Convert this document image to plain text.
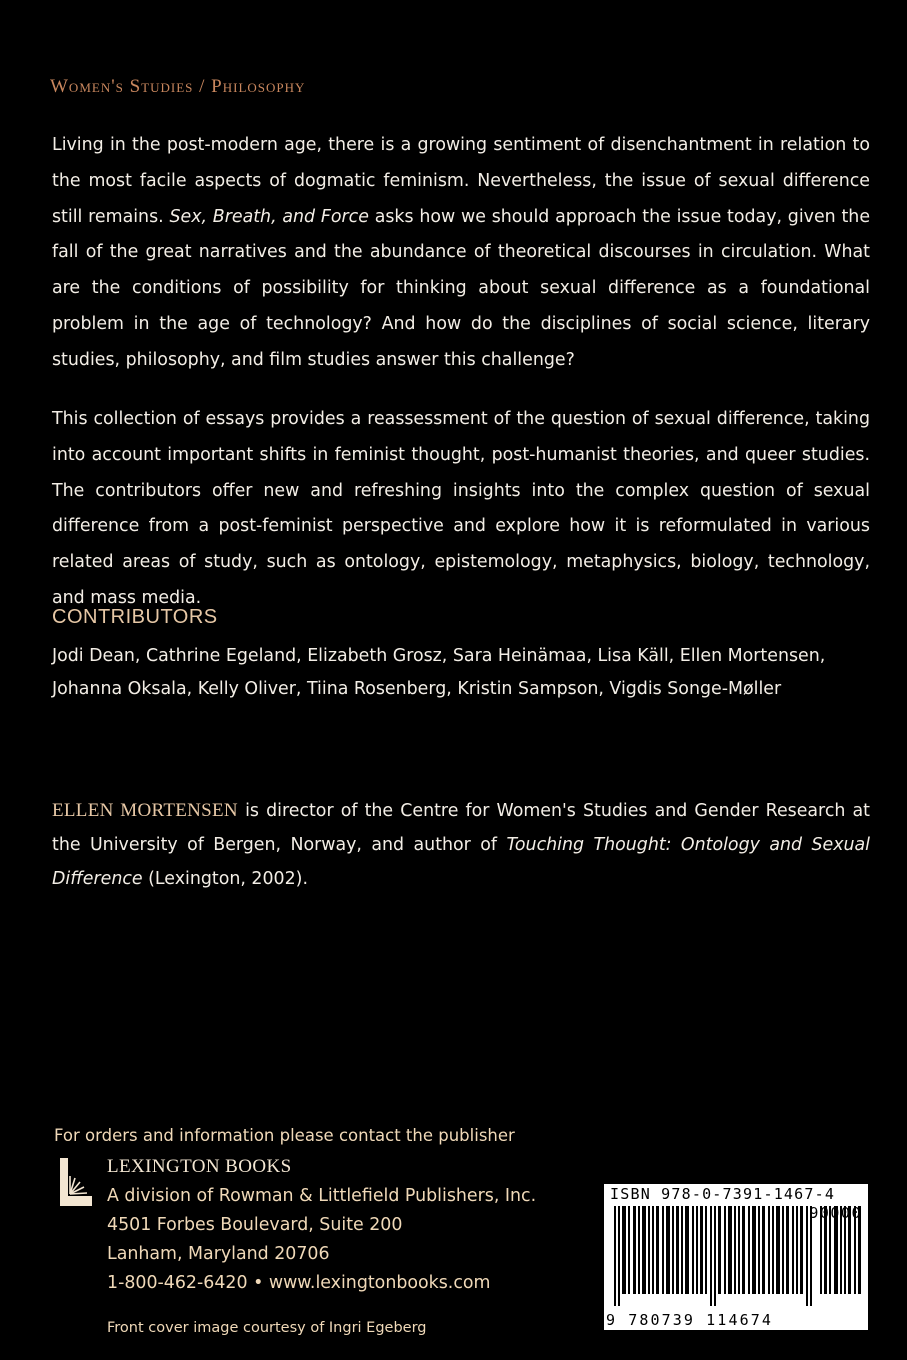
Women's Studies / Philosophy

Living in the post-modern age, there is a growing sentiment of disenchantment in relation to the most facile aspects of dogmatic feminism. Nevertheless, the issue of sexual difference still remains. Sex, Breath, and Force asks how we should approach the issue today, given the fall of the great narratives and the abundance of theoretical discourses in circulation. What are the conditions of possibility for thinking about sexual difference as a foundational problem in the age of technology? And how do the disciplines of social science, literary studies, philosophy, and film studies answer this challenge?

This collection of essays provides a reassessment of the question of sexual difference, taking into account important shifts in feminist thought, post-humanist theories, and queer studies. The contributors offer new and refreshing insights into the complex question of sexual difference from a post-feminist perspective and explore how it is reformulated in various related areas of study, such as ontology, epistemology, metaphysics, biology, technology, and mass media.

CONTRIBUTORS

Jodi Dean, Cathrine Egeland, Elizabeth Grosz, Sara Heinämaa, Lisa Käll, Ellen Mortensen, Johanna Oksala, Kelly Oliver, Tiina Rosenberg, Kristin Sampson, Vigdis Songe-Møller

ELLEN MORTENSEN is director of the Centre for Women's Studies and Gender Research at the University of Bergen, Norway, and author of Touching Thought: Ontology and Sexual Difference (Lexington, 2002).

For orders and information please contact the publisher
LEXINGTON BOOKS
A division of Rowman & Littlefield Publishers, Inc.
4501 Forbes Boulevard, Suite 200
Lanham, Maryland 20706
1-800-462-6420 • www.lexingtonbooks.com
Front cover image courtesy of Ingri Egeberg
ISBN 978-0-7391-1467-4
9 780739 114674
